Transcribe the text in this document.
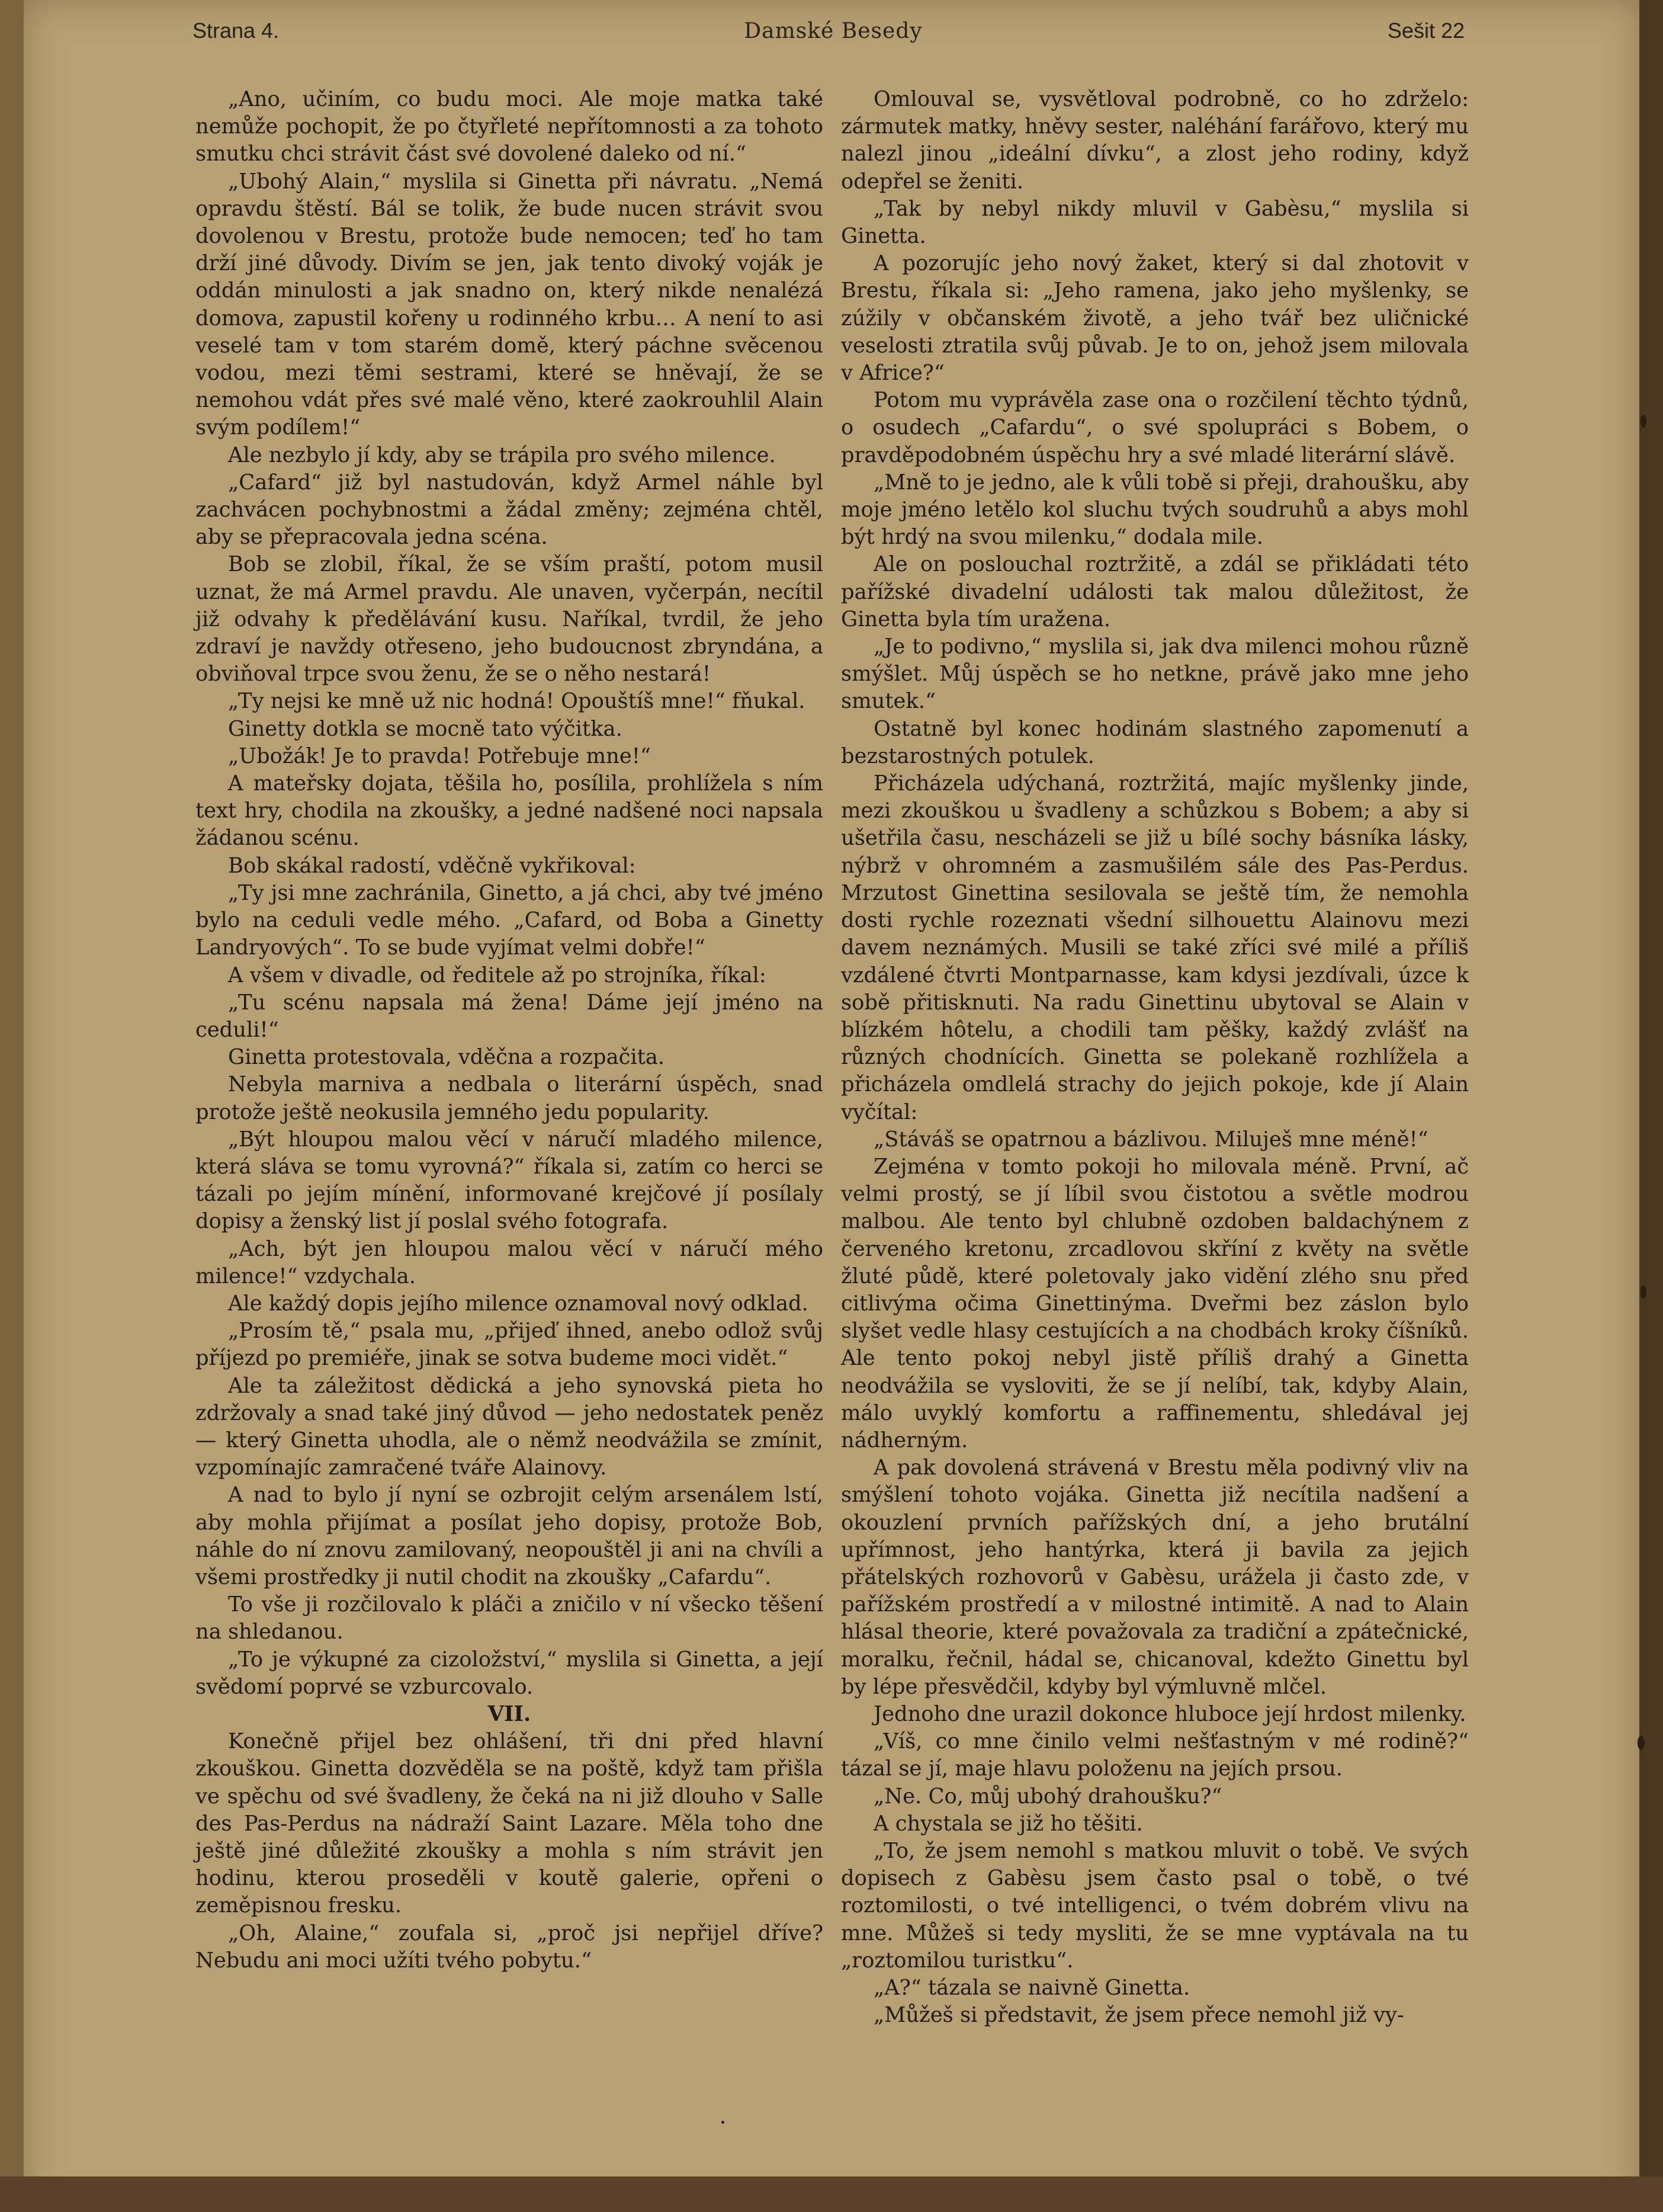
Strana 4.	Damské Besedy	Sešit 22

„Ano, učiním, co budu moci. Ale moje matka také nemůže pochopit, že po čtyřleté nepřítomnosti a za tohoto smutku chci strávit část své dovolené daleko od ní.“

„Ubohý Alain,“ myslila si Ginetta při návratu. „Nemá opravdu štěstí. Bál se tolik, že bude nucen strávit svou dovolenou v Brestu, protože bude nemocen; teď ho tam drží jiné důvody. Divím se jen, jak tento divoký voják je oddán minulosti a jak snadno on, který nikde nenalézá domova, zapustil kořeny u rodinného krbu… A není to asi veselé tam v tom starém domě, který páchne svěcenou vodou, mezi těmi sestrami, které se hněvají, že se nemohou vdát přes své malé věno, které zaokrouhlil Alain svým podílem!“

Ale nezbylo jí kdy, aby se trápila pro svého milence.

„Cafard“ již byl nastudován, když Armel náhle byl zachvácen pochybnostmi a žádal změny; zejména chtěl, aby se přepracovala jedna scéna.

Bob se zlobil, říkal, že se vším praští, potom musil uznat, že má Armel pravdu. Ale unaven, vyčerpán, necítil již odvahy k předělávání kusu. Naříkal, tvrdil, že jeho zdraví je navždy otřeseno, jeho budoucnost zbryndána, a obviňoval trpce svou ženu, že se o něho nestará!

„Ty nejsi ke mně už nic hodná! Opouštíš mne!“ fňukal.

Ginetty dotkla se mocně tato výčitka.

„Ubožák! Je to pravda! Potřebuje mne!“

A mateřsky dojata, těšila ho, posílila, prohlížela s ním text hry, chodila na zkoušky, a jedné nadšené noci napsala žádanou scénu.

Bob skákal radostí, vděčně vykřikoval:

„Ty jsi mne zachránila, Ginetto, a já chci, aby tvé jméno bylo na ceduli vedle mého. „Cafard, od Boba a Ginetty Landryových“. To se bude vyjímat velmi dobře!“

A všem v divadle, od ředitele až po strojníka, říkal:

„Tu scénu napsala má žena! Dáme její jméno na ceduli!“

Ginetta protestovala, vděčna a rozpačita.

Nebyla marniva a nedbala o literární úspěch, snad protože ještě neokusila jemného jedu popularity.

„Být hloupou malou věcí v náručí mladého milence, která sláva se tomu vyrovná?“ říkala si, zatím co herci se tázali po jejím mínění, informované krejčové jí posílaly dopisy a ženský list jí poslal svého fotografa.

„Ach, být jen hloupou malou věcí v náručí mého milence!“ vzdychala.

Ale každý dopis jejího milence oznamoval nový odklad.

„Prosím tě,“ psala mu, „přijeď ihned, anebo odlož svůj příjezd po premiéře, jinak se sotva budeme moci vidět.“

Ale ta záležitost dědická a jeho synovská pieta ho zdržovaly a snad také jiný důvod — jeho nedostatek peněz — který Ginetta uhodla, ale o němž neodvážila se zmínit, vzpomínajíc zamračené tváře Alainovy.

A nad to bylo jí nyní se ozbrojit celým arsenálem lstí, aby mohla přijímat a posílat jeho dopisy, protože Bob, náhle do ní znovu zamilovaný, neopouštěl ji ani na chvíli a všemi prostředky ji nutil chodit na zkoušky „Cafardu“.

To vše ji rozčilovalo k pláči a zničilo v ní všecko těšení na shledanou.

„To je výkupné za cizoložství,“ myslila si Ginetta, a její svědomí poprvé se vzburcovalo.

VII.

Konečně přijel bez ohlášení, tři dni před hlavní zkouškou. Ginetta dozvěděla se na poště, když tam přišla ve spěchu od své švadleny, že čeká na ni již dlouho v Salle des Pas-Perdus na nádraží Saint Lazare. Měla toho dne ještě jiné důležité zkoušky a mohla s ním strávit jen hodinu, kterou proseděli v koutě galerie, opřeni o zeměpisnou fresku.

„Oh, Alaine,“ zoufala si, „proč jsi nepřijel dříve? Nebudu ani moci užíti tvého pobytu.“

Omlouval se, vysvětloval podrobně, co ho zdrželo: zármutek matky, hněvy sester, naléhání farářovo, který mu nalezl jinou „ideální dívku“, a zlost jeho rodiny, když odepřel se ženiti.

„Tak by nebyl nikdy mluvil v Gabèsu,“ myslila si Ginetta.

A pozorujíc jeho nový žaket, který si dal zhotovit v Brestu, říkala si: „Jeho ramena, jako jeho myšlenky, se zúžily v občanském životě, a jeho tvář bez uličnické veselosti ztratila svůj půvab. Je to on, jehož jsem milovala v Africe?“

Potom mu vyprávěla zase ona o rozčilení těchto týdnů, o osudech „Cafardu“, o své spolupráci s Bobem, o pravděpodobném úspěchu hry a své mladé literární slávě.

„Mně to je jedno, ale k vůli tobě si přeji, drahoušku, aby moje jméno letělo kol sluchu tvých soudruhů a abys mohl být hrdý na svou milenku,“ dodala mile.

Ale on poslouchal roztržitě, a zdál se přikládati této pařížské divadelní události tak malou důležitost, že Ginetta byla tím uražena.

„Je to podivno,“ myslila si, jak dva milenci mohou různě smýšlet. Můj úspěch se ho netkne, právě jako mne jeho smutek.“

Ostatně byl konec hodinám slastného zapomenutí a bezstarostných potulek.

Přicházela udýchaná, roztržitá, majíc myšlenky jinde, mezi zkouškou u švadleny a schůzkou s Bobem; a aby si ušetřila času, nescházeli se již u bílé sochy básníka lásky, nýbrž v ohromném a zasmušilém sále des Pas-Perdus. Mrzutost Ginettina sesilovala se ještě tím, že nemohla dosti rychle rozeznati všední silhouettu Alainovu mezi davem neznámých. Musili se také zříci své milé a příliš vzdálené čtvrti Montparnasse, kam kdysi jezdívali, úzce k sobě přitisknuti. Na radu Ginettinu ubytoval se Alain v blízkém hôtelu, a chodili tam pěšky, každý zvlášť na různých chodnících. Ginetta se polekaně rozhlížela a přicházela omdlelá strachy do jejich pokoje, kde jí Alain vyčítal:

„Stáváš se opatrnou a bázlivou. Miluješ mne méně!“

Zejména v tomto pokoji ho milovala méně. První, ač velmi prostý, se jí líbil svou čistotou a světle modrou malbou. Ale tento byl chlubně ozdoben baldachýnem z červeného kretonu, zrcadlovou skříní z květy na světle žluté půdě, které poletovaly jako vidění zlého snu před citlivýma očima Ginettinýma. Dveřmi bez záslon bylo slyšet vedle hlasy cestujících a na chodbách kroky číšníků. Ale tento pokoj nebyl jistě příliš drahý a Ginetta neodvážila se vysloviti, že se jí nelíbí, tak, kdyby Alain, málo uvyklý komfortu a raffinementu, shledával jej nádherným.

A pak dovolená strávená v Brestu měla podivný vliv na smýšlení tohoto vojáka. Ginetta již necítila nadšení a okouzlení prvních pařížských dní, a jeho brutální upřímnost, jeho hantýrka, která ji bavila za jejich přátelských rozhovorů v Gabèsu, urážela ji často zde, v pařížském prostředí a v milostné intimitě. A nad to Alain hlásal theorie, které považovala za tradiční a zpátečnické, moralku, řečnil, hádal se, chicanoval, kdežto Ginettu byl by lépe přesvědčil, kdyby byl výmluvně mlčel.

Jednoho dne urazil dokonce hluboce její hrdost milenky.

„Víš, co mne činilo velmi nešťastným v mé rodině?“ tázal se jí, maje hlavu položenu na jejích prsou.

„Ne. Co, můj ubohý drahoušku?“

A chystala se již ho těšiti.

„To, že jsem nemohl s matkou mluvit o tobě. Ve svých dopisech z Gabèsu jsem často psal o tobě, o tvé roztomilosti, o tvé intelligenci, o tvém dobrém vlivu na mne. Můžeš si tedy mysliti, že se mne vyptávala na tu „roztomilou turistku“.

„A?“ tázala se naivně Ginetta.

„Můžeš si představit, že jsem přece nemohl již vy-
